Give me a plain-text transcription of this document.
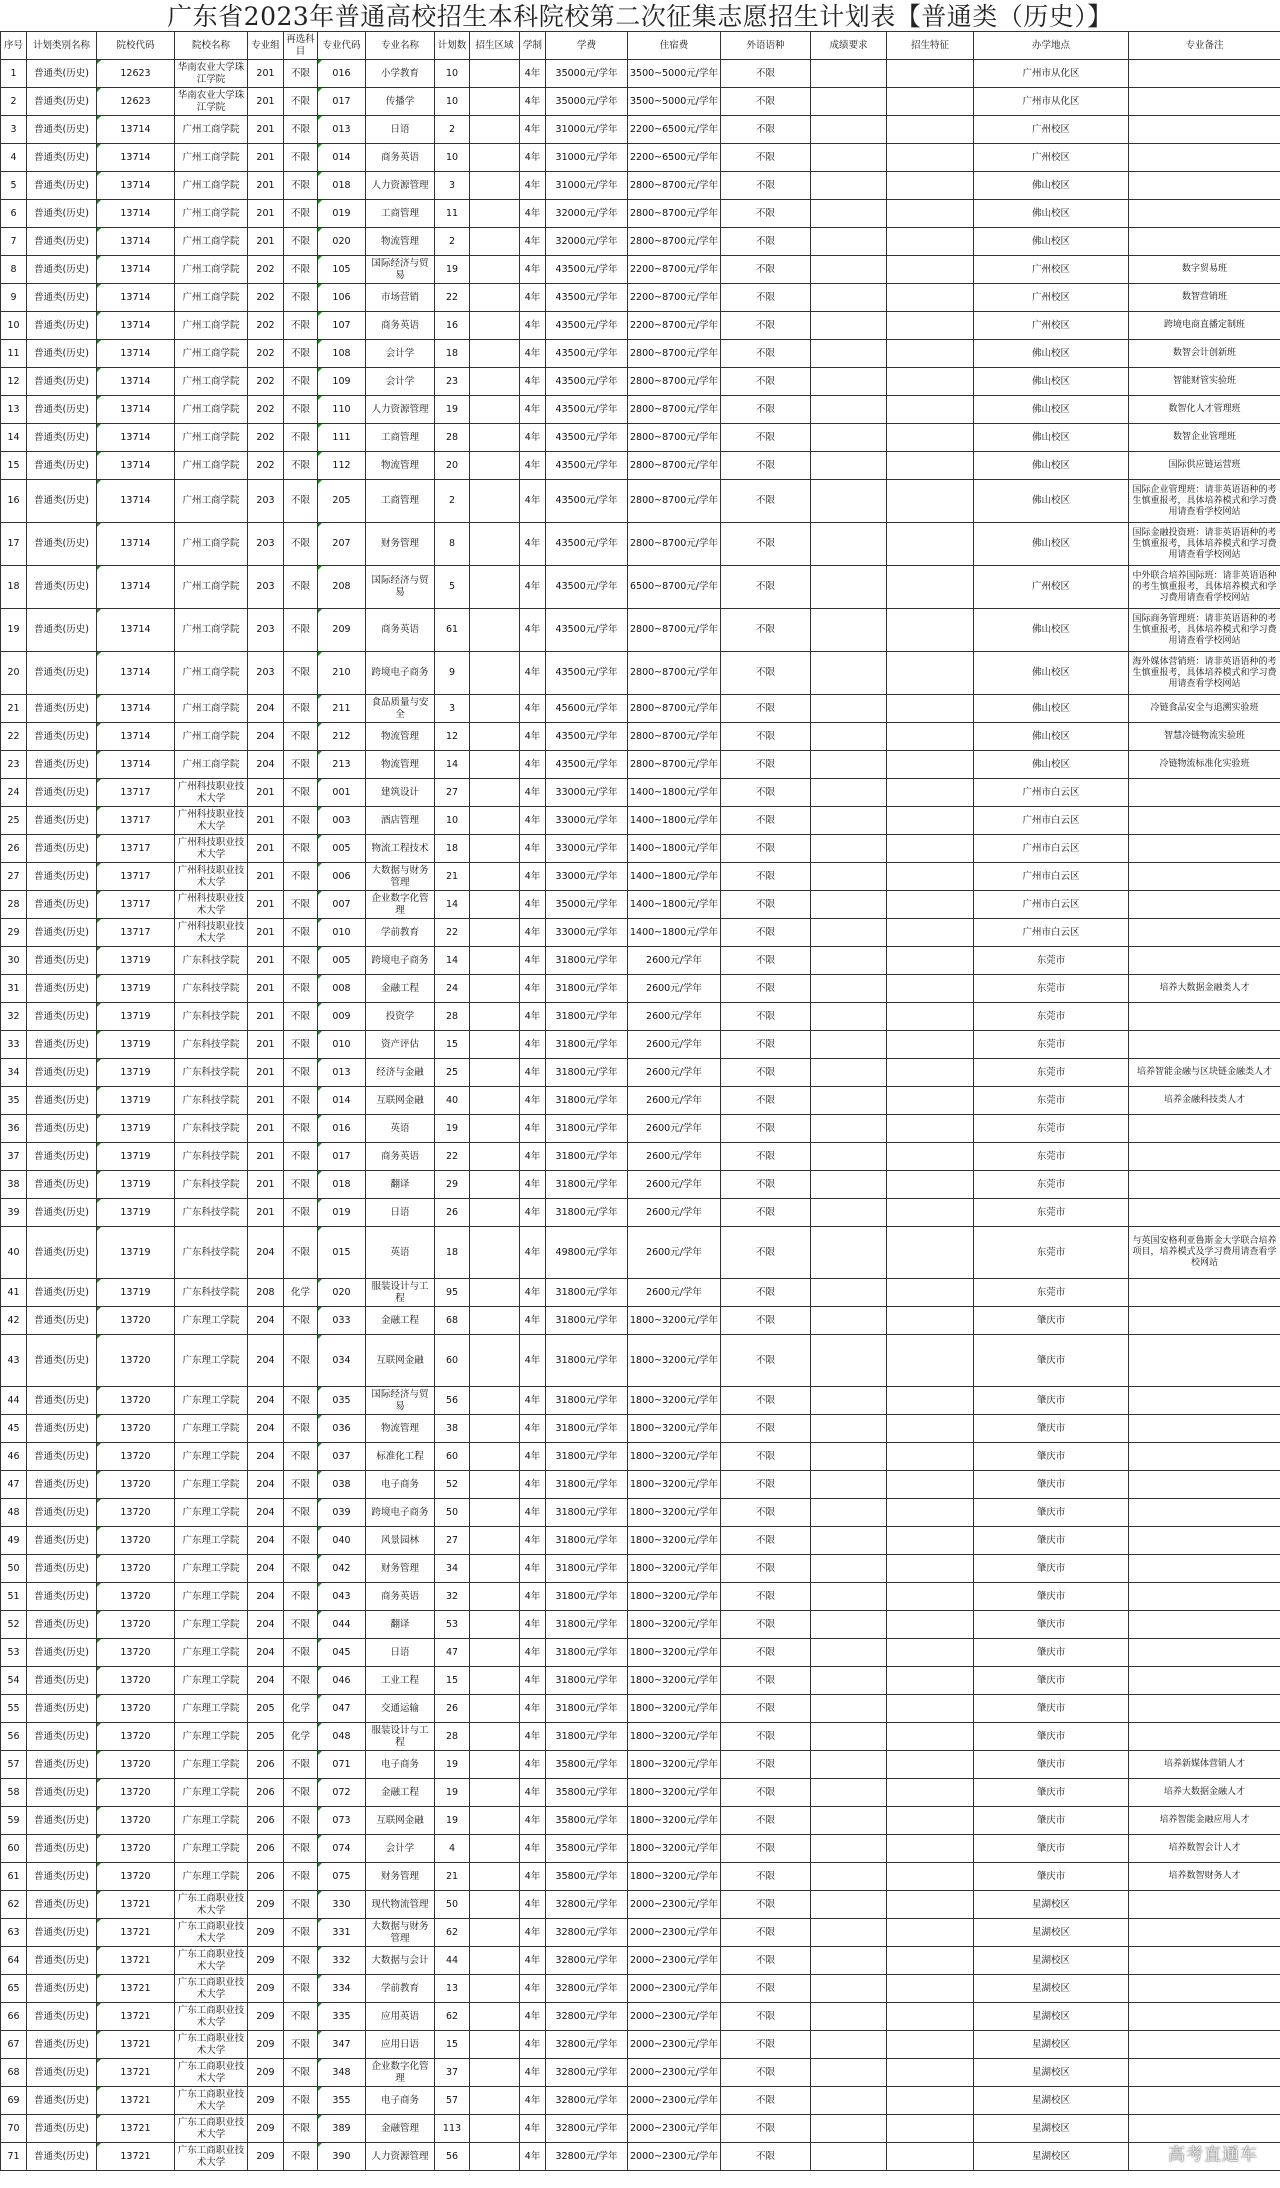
广东省2023年普通高校招生本科院校第二次征集志愿招生计划表【普通类（历史）】
序号	计划类别名称	院校代码	院校名称	专业组	再选科目	专业代码	专业名称	计划数	招生区域	学制	学费	住宿费	外语语种	成绩要求	招生特征	办学地点	专业备注
1	普通类(历史)	12623	华南农业大学珠江学院	201	不限	016	小学教育	10		4年	35000元/学年	3500~5000元/学年	不限			广州市从化区	
2	普通类(历史)	12623	华南农业大学珠江学院	201	不限	017	传播学	10		4年	35000元/学年	3500~5000元/学年	不限			广州市从化区	
3	普通类(历史)	13714	广州工商学院	201	不限	013	日语	2		4年	31000元/学年	2200~6500元/学年	不限			广州校区	
4	普通类(历史)	13714	广州工商学院	201	不限	014	商务英语	10		4年	31000元/学年	2200~6500元/学年	不限			广州校区	
5	普通类(历史)	13714	广州工商学院	201	不限	018	人力资源管理	3		4年	31000元/学年	2800~8700元/学年	不限			佛山校区	
6	普通类(历史)	13714	广州工商学院	201	不限	019	工商管理	11		4年	32000元/学年	2800~8700元/学年	不限			佛山校区	
7	普通类(历史)	13714	广州工商学院	201	不限	020	物流管理	2		4年	32000元/学年	2800~8700元/学年	不限			佛山校区	
8	普通类(历史)	13714	广州工商学院	202	不限	105	国际经济与贸易	19		4年	43500元/学年	2200~8700元/学年	不限			广州校区	数字贸易班
9	普通类(历史)	13714	广州工商学院	202	不限	106	市场营销	22		4年	43500元/学年	2200~8700元/学年	不限			广州校区	数智营销班
10	普通类(历史)	13714	广州工商学院	202	不限	107	商务英语	16		4年	43500元/学年	2200~8700元/学年	不限			广州校区	跨境电商直播定制班
11	普通类(历史)	13714	广州工商学院	202	不限	108	会计学	18		4年	43500元/学年	2800~8700元/学年	不限			佛山校区	数智会计创新班
12	普通类(历史)	13714	广州工商学院	202	不限	109	会计学	23		4年	43500元/学年	2800~8700元/学年	不限			佛山校区	智能财管实验班
13	普通类(历史)	13714	广州工商学院	202	不限	110	人力资源管理	19		4年	43500元/学年	2800~8700元/学年	不限			佛山校区	数智化人才管理班
14	普通类(历史)	13714	广州工商学院	202	不限	111	工商管理	28		4年	43500元/学年	2800~8700元/学年	不限			佛山校区	数智企业管理班
15	普通类(历史)	13714	广州工商学院	202	不限	112	物流管理	20		4年	43500元/学年	2800~8700元/学年	不限			佛山校区	国际供应链运营班
16	普通类(历史)	13714	广州工商学院	203	不限	205	工商管理	2		4年	43500元/学年	2800~8700元/学年	不限			佛山校区	国际企业管理班：请非英语语种的考生慎重报考，具体培养模式和学习费用请查看学校网站
17	普通类(历史)	13714	广州工商学院	203	不限	207	财务管理	8		4年	43500元/学年	2800~8700元/学年	不限			佛山校区	国际金融投资班：请非英语语种的考生慎重报考，具体培养模式和学习费用请查看学校网站
18	普通类(历史)	13714	广州工商学院	203	不限	208	国际经济与贸易	5		4年	43500元/学年	6500~8700元/学年	不限			广州校区	中外联合培养国际班：请非英语语种的考生慎重报考，具体培养模式和学习费用请查看学校网站
19	普通类(历史)	13714	广州工商学院	203	不限	209	商务英语	61		4年	43500元/学年	2800~8700元/学年	不限			佛山校区	国际商务管理班：请非英语语种的考生慎重报考，具体培养模式和学习费用请查看学校网站
20	普通类(历史)	13714	广州工商学院	203	不限	210	跨境电子商务	9		4年	43500元/学年	2800~8700元/学年	不限			佛山校区	海外媒体营销班：请非英语语种的考生慎重报考，具体培养模式和学习费用请查看学校网站
21	普通类(历史)	13714	广州工商学院	204	不限	211	食品质量与安全	3		4年	45600元/学年	2800~8700元/学年	不限			佛山校区	冷链食品安全与追溯实验班
22	普通类(历史)	13714	广州工商学院	204	不限	212	物流管理	12		4年	43500元/学年	2800~8700元/学年	不限			佛山校区	智慧冷链物流实验班
23	普通类(历史)	13714	广州工商学院	204	不限	213	物流管理	14		4年	43500元/学年	2800~8700元/学年	不限			佛山校区	冷链物流标准化实验班
24	普通类(历史)	13717	广州科技职业技术大学	201	不限	001	建筑设计	27		4年	33000元/学年	1400~1800元/学年	不限			广州市白云区	
25	普通类(历史)	13717	广州科技职业技术大学	201	不限	003	酒店管理	10		4年	33000元/学年	1400~1800元/学年	不限			广州市白云区	
26	普通类(历史)	13717	广州科技职业技术大学	201	不限	005	物流工程技术	18		4年	33000元/学年	1400~1800元/学年	不限			广州市白云区	
27	普通类(历史)	13717	广州科技职业技术大学	201	不限	006	大数据与财务管理	21		4年	33000元/学年	1400~1800元/学年	不限			广州市白云区	
28	普通类(历史)	13717	广州科技职业技术大学	201	不限	007	企业数字化管理	14		4年	35000元/学年	1400~1800元/学年	不限			广州市白云区	
29	普通类(历史)	13717	广州科技职业技术大学	201	不限	010	学前教育	22		4年	33000元/学年	1400~1800元/学年	不限			广州市白云区	
30	普通类(历史)	13719	广东科技学院	201	不限	005	跨境电子商务	14		4年	31800元/学年	2600元/学年	不限			东莞市	
31	普通类(历史)	13719	广东科技学院	201	不限	008	金融工程	24		4年	31800元/学年	2600元/学年	不限			东莞市	培养大数据金融类人才
32	普通类(历史)	13719	广东科技学院	201	不限	009	投资学	28		4年	31800元/学年	2600元/学年	不限			东莞市	
33	普通类(历史)	13719	广东科技学院	201	不限	010	资产评估	15		4年	31800元/学年	2600元/学年	不限			东莞市	
34	普通类(历史)	13719	广东科技学院	201	不限	013	经济与金融	25		4年	31800元/学年	2600元/学年	不限			东莞市	培养智能金融与区块链金融类人才
35	普通类(历史)	13719	广东科技学院	201	不限	014	互联网金融	40		4年	31800元/学年	2600元/学年	不限			东莞市	培养金融科技类人才
36	普通类(历史)	13719	广东科技学院	201	不限	016	英语	19		4年	31800元/学年	2600元/学年	不限			东莞市	
37	普通类(历史)	13719	广东科技学院	201	不限	017	商务英语	22		4年	31800元/学年	2600元/学年	不限			东莞市	
38	普通类(历史)	13719	广东科技学院	201	不限	018	翻译	29		4年	31800元/学年	2600元/学年	不限			东莞市	
39	普通类(历史)	13719	广东科技学院	201	不限	019	日语	26		4年	31800元/学年	2600元/学年	不限			东莞市	
40	普通类(历史)	13719	广东科技学院	204	不限	015	英语	18		4年	49800元/学年	2600元/学年	不限			东莞市	与英国安格利亚鲁斯金大学联合培养项目，培养模式及学习费用请查看学校网站
41	普通类(历史)	13719	广东科技学院	208	化学	020	服装设计与工程	95		4年	31800元/学年	2600元/学年	不限			东莞市	
42	普通类(历史)	13720	广东理工学院	204	不限	033	金融工程	68		4年	31800元/学年	1800~3200元/学年	不限			肇庆市	
43	普通类(历史)	13720	广东理工学院	204	不限	034	互联网金融	60		4年	31800元/学年	1800~3200元/学年	不限			肇庆市	
44	普通类(历史)	13720	广东理工学院	204	不限	035	国际经济与贸易	56		4年	31800元/学年	1800~3200元/学年	不限			肇庆市	
45	普通类(历史)	13720	广东理工学院	204	不限	036	物流管理	38		4年	31800元/学年	1800~3200元/学年	不限			肇庆市	
46	普通类(历史)	13720	广东理工学院	204	不限	037	标准化工程	60		4年	31800元/学年	1800~3200元/学年	不限			肇庆市	
47	普通类(历史)	13720	广东理工学院	204	不限	038	电子商务	52		4年	31800元/学年	1800~3200元/学年	不限			肇庆市	
48	普通类(历史)	13720	广东理工学院	204	不限	039	跨境电子商务	50		4年	31800元/学年	1800~3200元/学年	不限			肇庆市	
49	普通类(历史)	13720	广东理工学院	204	不限	040	风景园林	27		4年	31800元/学年	1800~3200元/学年	不限			肇庆市	
50	普通类(历史)	13720	广东理工学院	204	不限	042	财务管理	34		4年	31800元/学年	1800~3200元/学年	不限			肇庆市	
51	普通类(历史)	13720	广东理工学院	204	不限	043	商务英语	32		4年	31800元/学年	1800~3200元/学年	不限			肇庆市	
52	普通类(历史)	13720	广东理工学院	204	不限	044	翻译	53		4年	31800元/学年	1800~3200元/学年	不限			肇庆市	
53	普通类(历史)	13720	广东理工学院	204	不限	045	日语	47		4年	31800元/学年	1800~3200元/学年	不限			肇庆市	
54	普通类(历史)	13720	广东理工学院	204	不限	046	工业工程	15		4年	31800元/学年	1800~3200元/学年	不限			肇庆市	
55	普通类(历史)	13720	广东理工学院	205	化学	047	交通运输	26		4年	31800元/学年	1800~3200元/学年	不限			肇庆市	
56	普通类(历史)	13720	广东理工学院	205	化学	048	服装设计与工程	28		4年	31800元/学年	1800~3200元/学年	不限			肇庆市	
57	普通类(历史)	13720	广东理工学院	206	不限	071	电子商务	19		4年	35800元/学年	1800~3200元/学年	不限			肇庆市	培养新媒体营销人才
58	普通类(历史)	13720	广东理工学院	206	不限	072	金融工程	19		4年	35800元/学年	1800~3200元/学年	不限			肇庆市	培养大数据金融人才
59	普通类(历史)	13720	广东理工学院	206	不限	073	互联网金融	19		4年	35800元/学年	1800~3200元/学年	不限			肇庆市	培养智能金融应用人才
60	普通类(历史)	13720	广东理工学院	206	不限	074	会计学	4		4年	35800元/学年	1800~3200元/学年	不限			肇庆市	培养数智会计人才
61	普通类(历史)	13720	广东理工学院	206	不限	075	财务管理	21		4年	35800元/学年	1800~3200元/学年	不限			肇庆市	培养数智财务人才
62	普通类(历史)	13721	广东工商职业技术大学	209	不限	330	现代物流管理	50		4年	32800元/学年	2000~2300元/学年	不限			星湖校区	
63	普通类(历史)	13721	广东工商职业技术大学	209	不限	331	大数据与财务管理	62		4年	32800元/学年	2000~2300元/学年	不限			星湖校区	
64	普通类(历史)	13721	广东工商职业技术大学	209	不限	332	大数据与会计	44		4年	32800元/学年	2000~2300元/学年	不限			星湖校区	
65	普通类(历史)	13721	广东工商职业技术大学	209	不限	334	学前教育	13		4年	32800元/学年	2000~2300元/学年	不限			星湖校区	
66	普通类(历史)	13721	广东工商职业技术大学	209	不限	335	应用英语	62		4年	32800元/学年	2000~2300元/学年	不限			星湖校区	
67	普通类(历史)	13721	广东工商职业技术大学	209	不限	347	应用日语	15		4年	32800元/学年	2000~2300元/学年	不限			星湖校区	
68	普通类(历史)	13721	广东工商职业技术大学	209	不限	348	企业数字化管理	37		4年	32800元/学年	2000~2300元/学年	不限			星湖校区	
69	普通类(历史)	13721	广东工商职业技术大学	209	不限	355	电子商务	57		4年	32800元/学年	2000~2300元/学年	不限			星湖校区	
70	普通类(历史)	13721	广东工商职业技术大学	209	不限	389	金融管理	113		4年	32800元/学年	2000~2300元/学年	不限			星湖校区	
71	普通类(历史)	13721	广东工商职业技术大学	209	不限	390	人力资源管理	56		4年	32800元/学年	2000~2300元/学年	不限			星湖校区		高考直通车
